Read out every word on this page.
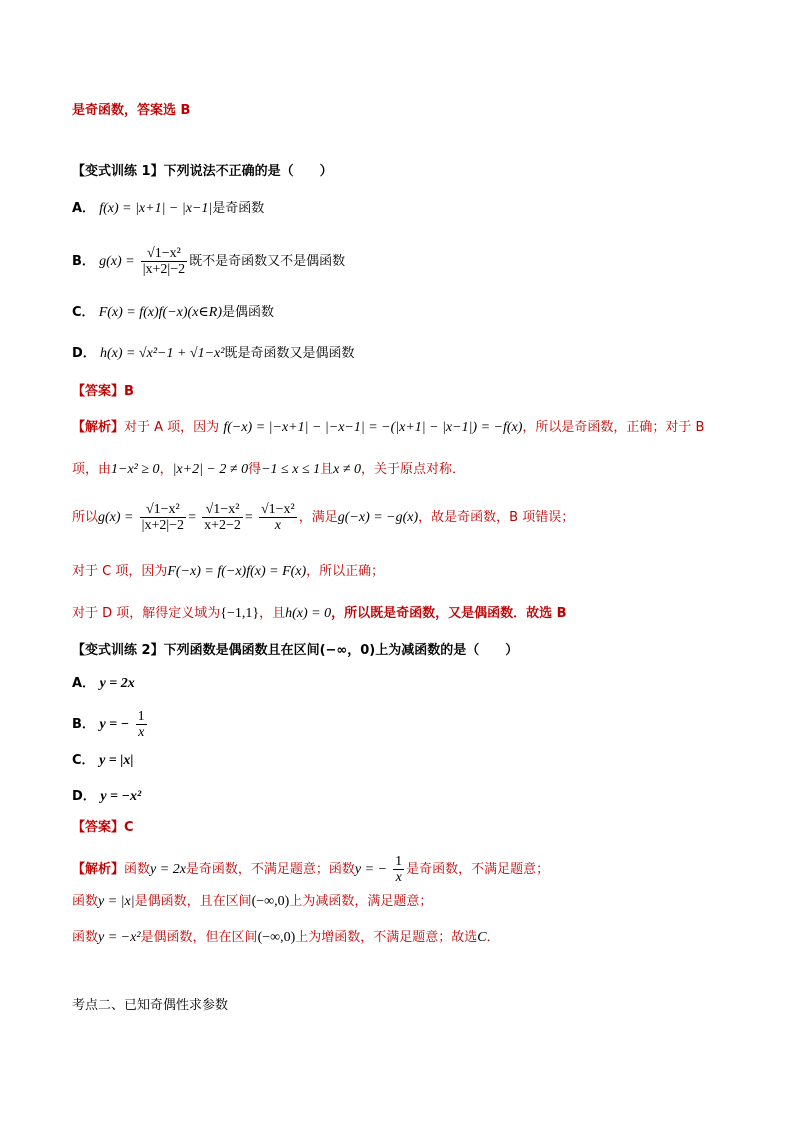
是奇函数，答案选 B
【变式训练 1】下列说法不正确的是（　　）
A． f(x) = |x+1| − |x−1|是奇函数
B． $g(x) = \frac{\text{√1−x²}}{|x+2|-2}$ 既不是奇函数又不是偶函数
C． F(x) = f(x)f(−x)(x∈R)是偶函数
D． h(x) = √x²−1 + √1−x²既是奇函数又是偶函数
【答案】B
【解析】对于 A 项，因为 f(−x) = |−x+1| − |−x−1| = −(|x+1| − |x−1|) = −f(x)，所以是奇函数，正确；对于 B
项，由1−x² ≥ 0，|x+2| − 2 ≠ 0得−1 ≤ x ≤ 1且x ≠ 0，关于原点对称．
所以$g(x) = \frac{\text{√1−x²}}{|x+2|-2} = \frac{\text{√1−x²}}{x+2-2} = \frac{\text{√1−x²}}{x}$ ，满足g(−x) = −g(x)，故是奇函数，B 项错误；
对于 C 项，因为F(−x) = f(−x)f(x) = F(x)，所以正确；
对于 D 项，解得定义域为{−1,1}，且h(x) = 0，所以既是奇函数，又是偶函数．故选 B
【变式训练 2】下列函数是偶函数且在区间(−∞，0)上为减函数的是（　　）
A． y = 2x
B． y = − $\frac{1}{x}$
C． y = |x|
D． y = −x²
【答案】C
【解析】函数y = 2x是奇函数，不满足题意；函数y = − $\frac{1}{x}$ 是奇函数，不满足题意；
函数y = |x|是偶函数，且在区间(−∞,0)上为减函数，满足题意；
函数y = −x²是偶函数，但在区间(−∞,0)上为增函数，不满足题意；故选C．
考点二、已知奇偶性求参数
